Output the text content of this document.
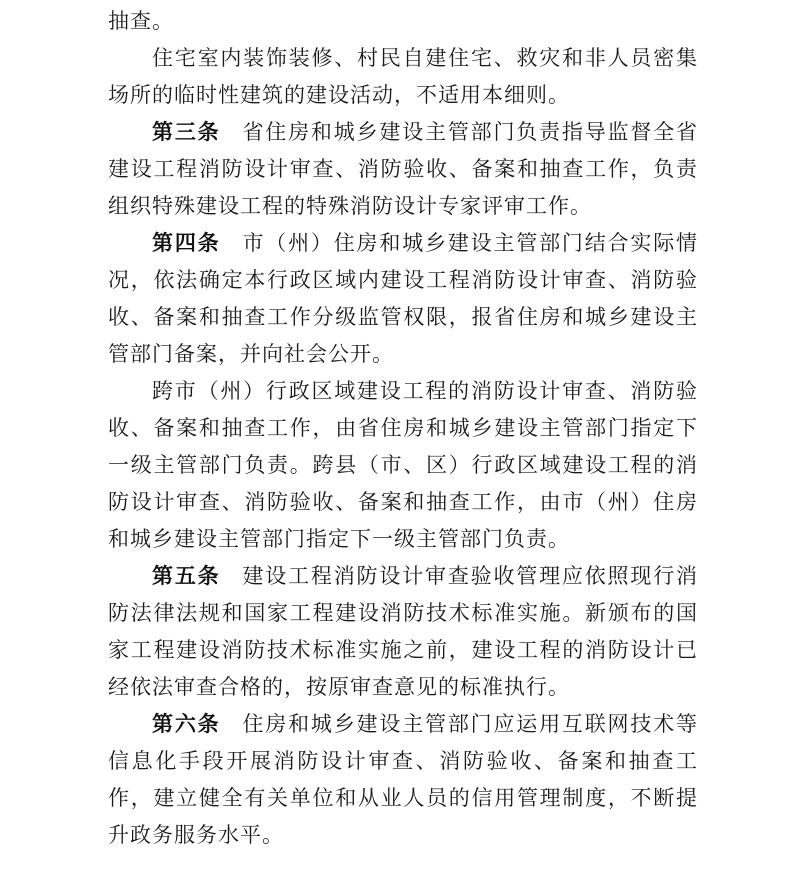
抽查。

住宅室内装饰装修、村民自建住宅、救灾和非人员密集场所的临时性建筑的建设活动，不适用本细则。

第三条 省住房和城乡建设主管部门负责指导监督全省建设工程消防设计审查、消防验收、备案和抽查工作，负责组织特殊建设工程的特殊消防设计专家评审工作。

第四条 市（州）住房和城乡建设主管部门结合实际情况，依法确定本行政区域内建设工程消防设计审查、消防验收、备案和抽查工作分级监管权限，报省住房和城乡建设主管部门备案，并向社会公开。

跨市（州）行政区域建设工程的消防设计审查、消防验收、备案和抽查工作，由省住房和城乡建设主管部门指定下一级主管部门负责。跨县（市、区）行政区域建设工程的消防设计审查、消防验收、备案和抽查工作，由市（州）住房和城乡建设主管部门指定下一级主管部门负责。

第五条 建设工程消防设计审查验收管理应依照现行消防法律法规和国家工程建设消防技术标准实施。新颁布的国家工程建设消防技术标准实施之前，建设工程的消防设计已经依法审查合格的，按原审查意见的标准执行。

第六条 住房和城乡建设主管部门应运用互联网技术等信息化手段开展消防设计审查、消防验收、备案和抽查工作，建立健全有关单位和从业人员的信用管理制度，不断提升政务服务水平。
